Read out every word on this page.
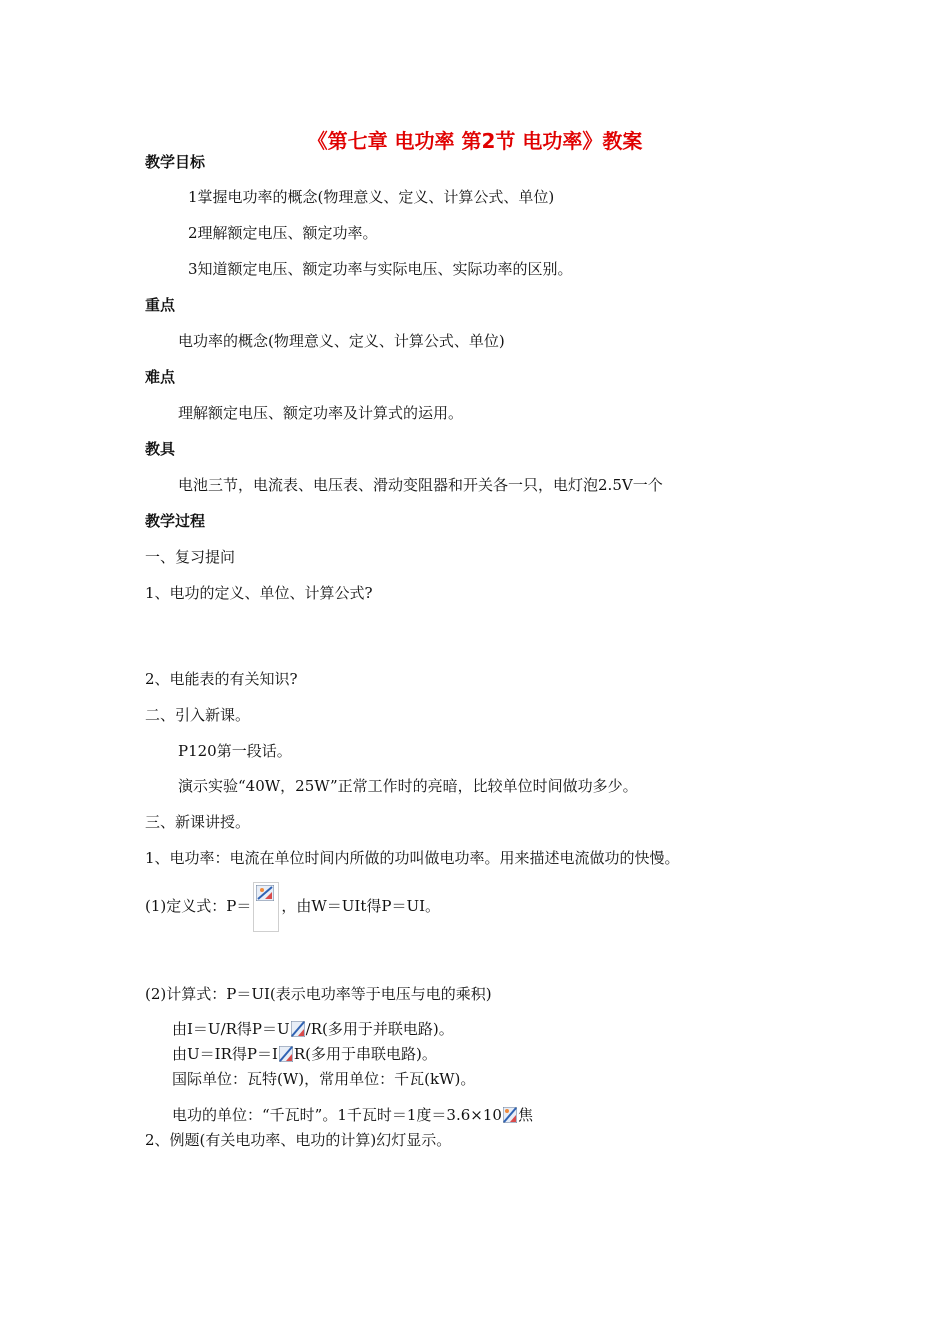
《第七章 电功率 第2节 电功率》教案
教学目标
1掌握电功率的概念(物理意义、定义、计算公式、单位)
2理解额定电压、额定功率。
3知道额定电压、额定功率与实际电压、实际功率的区别。
重点
电功率的概念(物理意义、定义、计算公式、单位)
难点
理解额定电压、额定功率及计算式的运用。
教具
电池三节，电流表、电压表、滑动变阻器和开关各一只，电灯泡2.5V一个
教学过程
一、复习提问
1、电功的定义、单位、计算公式?
2、电能表的有关知识?
二、引入新课。
P120第一段话。
演示实验“40W，25W”正常工作时的亮暗，比较单位时间做功多少。
三、新课讲授。
1、电功率：电流在单位时间内所做的功叫做电功率。用来描述电流做功的快慢。
(1)定义式：P＝ ，由W＝UIt得P＝UI。
(2)计算式：P＝UI(表示电功率等于电压与电的乘积)
由I＝U/R得P＝U /R(多用于并联电路)。
由U＝IR得P＝I R(多用于串联电路)。
国际单位：瓦特(W)，常用单位：千瓦(kW)。
电功的单位：“千瓦时”。1千瓦时＝1度＝3.6×10 焦
2、例题(有关电功率、电功的计算)幻灯显示。
